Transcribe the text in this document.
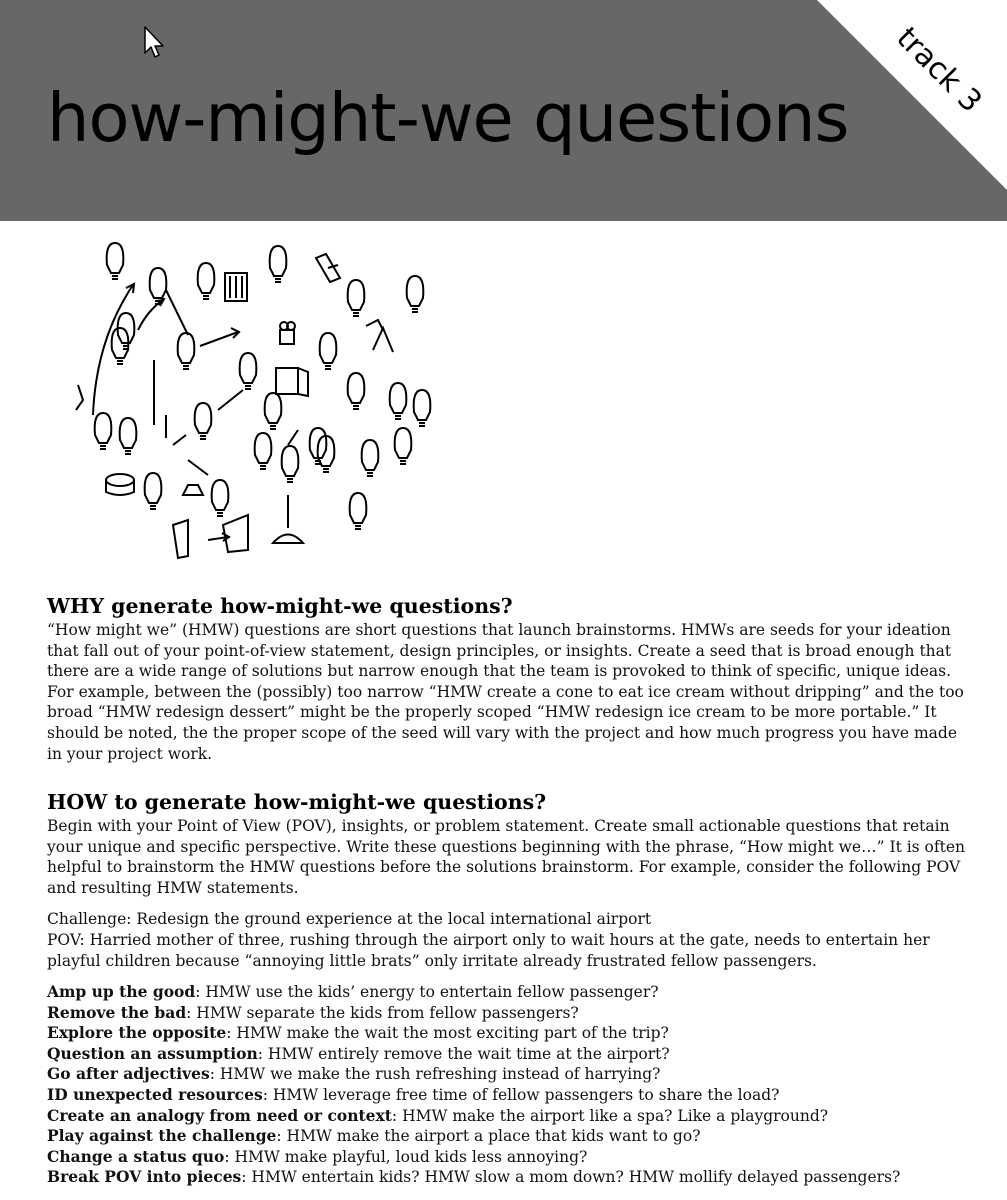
how-might-we questions track 3
WHY generate how-might-we questions?

“How might we” (HMW) questions are short questions that launch brainstorms. HMWs are seeds for your ideation that fall out of your point-of-view statement, design principles, or insights. Create a seed that is broad enough that there are a wide range of solutions but narrow enough that the team is provoked to think of specific, unique ideas. For example, between the (possibly) too narrow “HMW create a cone to eat ice cream without dripping” and the too broad “HMW redesign dessert” might be the properly scoped “HMW redesign ice cream to be more portable.” It should be noted, the the proper scope of the seed will vary with the project and how much progress you have made in your project work.

HOW to generate how-might-we questions?

Begin with your Point of View (POV), insights, or problem statement. Create small actionable questions that retain your unique and specific perspective. Write these questions beginning with the phrase, “How might we…” It is often helpful to brainstorm the HMW questions before the solutions brainstorm. For example, consider the following POV and resulting HMW statements.

Challenge: Redesign the ground experience at the local international airport

POV: Harried mother of three, rushing through the airport only to wait hours at the gate, needs to entertain her playful children because “annoying little brats” only irritate already frustrated fellow passengers.

Amp up the good: HMW use the kids’ energy to entertain fellow passenger?
Remove the bad: HMW separate the kids from fellow passengers?
Explore the opposite: HMW make the wait the most exciting part of the trip?
Question an assumption: HMW entirely remove the wait time at the airport?
Go after adjectives: HMW we make the rush refreshing instead of harrying?
ID unexpected resources: HMW leverage free time of fellow passengers to share the load?
Create an analogy from need or context: HMW make the airport like a spa? Like a playground?
Play against the challenge: HMW make the airport a place that kids want to go?
Change a status quo: HMW make playful, loud kids less annoying?
Break POV into pieces: HMW entertain kids? HMW slow a mom down? HMW mollify delayed passengers?
